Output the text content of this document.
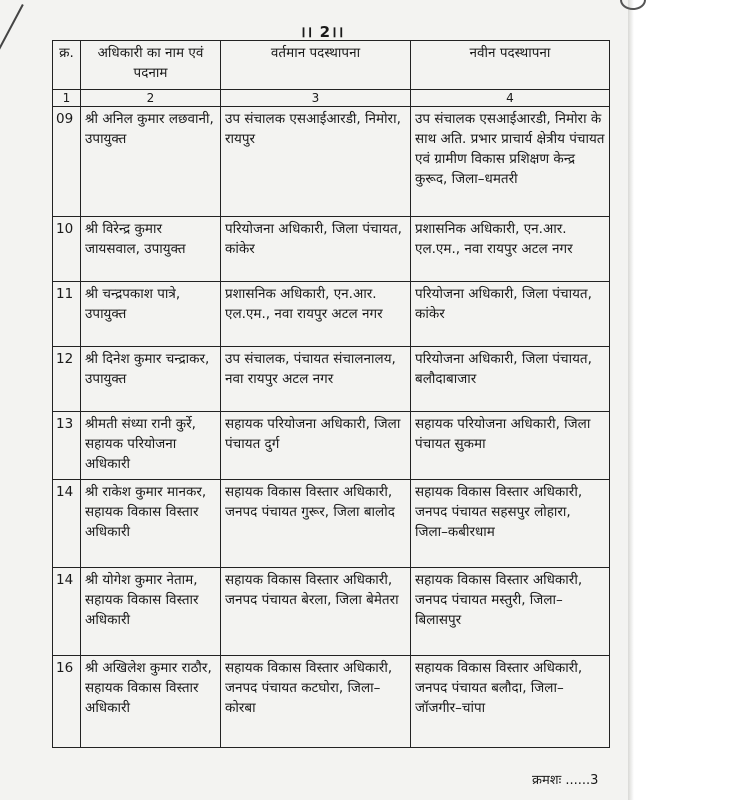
।। 2।।
क्र.	अधिकारी का नाम एवं पदनाम	वर्तमान पदस्थापना	नवीन पदस्थापना
1	2	3	4
09	श्री अनिल कुमार लछवानी, उपायुक्त	उप संचालक एसआईआरडी, निमोरा, रायपुर	उप संचालक एसआईआरडी, निमोरा के साथ अति. प्रभार प्राचार्य क्षेत्रीय पंचायत एवं ग्रामीण विकास प्रशिक्षण केन्द्र कुरूद, जिला–धमतरी
10	श्री विरेन्द्र कुमार जायसवाल, उपायुक्त	परियोजना अधिकारी, जिला पंचायत, कांकेर	प्रशासनिक अधिकारी, एन.आर. एल.एम., नवा रायपुर अटल नगर
11	श्री चन्द्रपकाश पात्रे, उपायुक्त	प्रशासनिक अधिकारी, एन.आर. एल.एम., नवा रायपुर अटल नगर	परियोजना अधिकारी, जिला पंचायत, कांकेर
12	श्री दिनेश कुमार चन्द्राकर, उपायुक्त	उप संचालक, पंचायत संचालनालय, नवा रायपुर अटल नगर	परियोजना अधिकारी, जिला पंचायत, बलौदाबाजार
13	श्रीमती संध्या रानी कुर्रे, सहायक परियोजना अधिकारी	सहायक परियोजना अधिकारी, जिला पंचायत दुर्ग	सहायक परियोजना अधिकारी, जिला पंचायत सुकमा
14	श्री राकेश कुमार मानकर, सहायक विकास विस्तार अधिकारी	सहायक विकास विस्तार अधिकारी, जनपद पंचायत गुरूर, जिला बालोद	सहायक विकास विस्तार अधिकारी, जनपद पंचायत सहसपुर लोहारा, जिला–कबीरधाम
14	श्री योगेश कुमार नेताम, सहायक विकास विस्तार अधिकारी	सहायक विकास विस्तार अधिकारी, जनपद पंचायत बेरला, जिला बेमेतरा	सहायक विकास विस्तार अधिकारी, जनपद पंचायत मस्तुरी, जिला–बिलासपुर
16	श्री अखिलेश कुमार राठौर, सहायक विकास विस्तार अधिकारी	सहायक विकास विस्तार अधिकारी, जनपद पंचायत कटघोरा, जिला–कोरबा	सहायक विकास विस्तार अधिकारी, जनपद पंचायत बलौदा, जिला–जॉजगीर–चांपा
क्रमशः ......3
